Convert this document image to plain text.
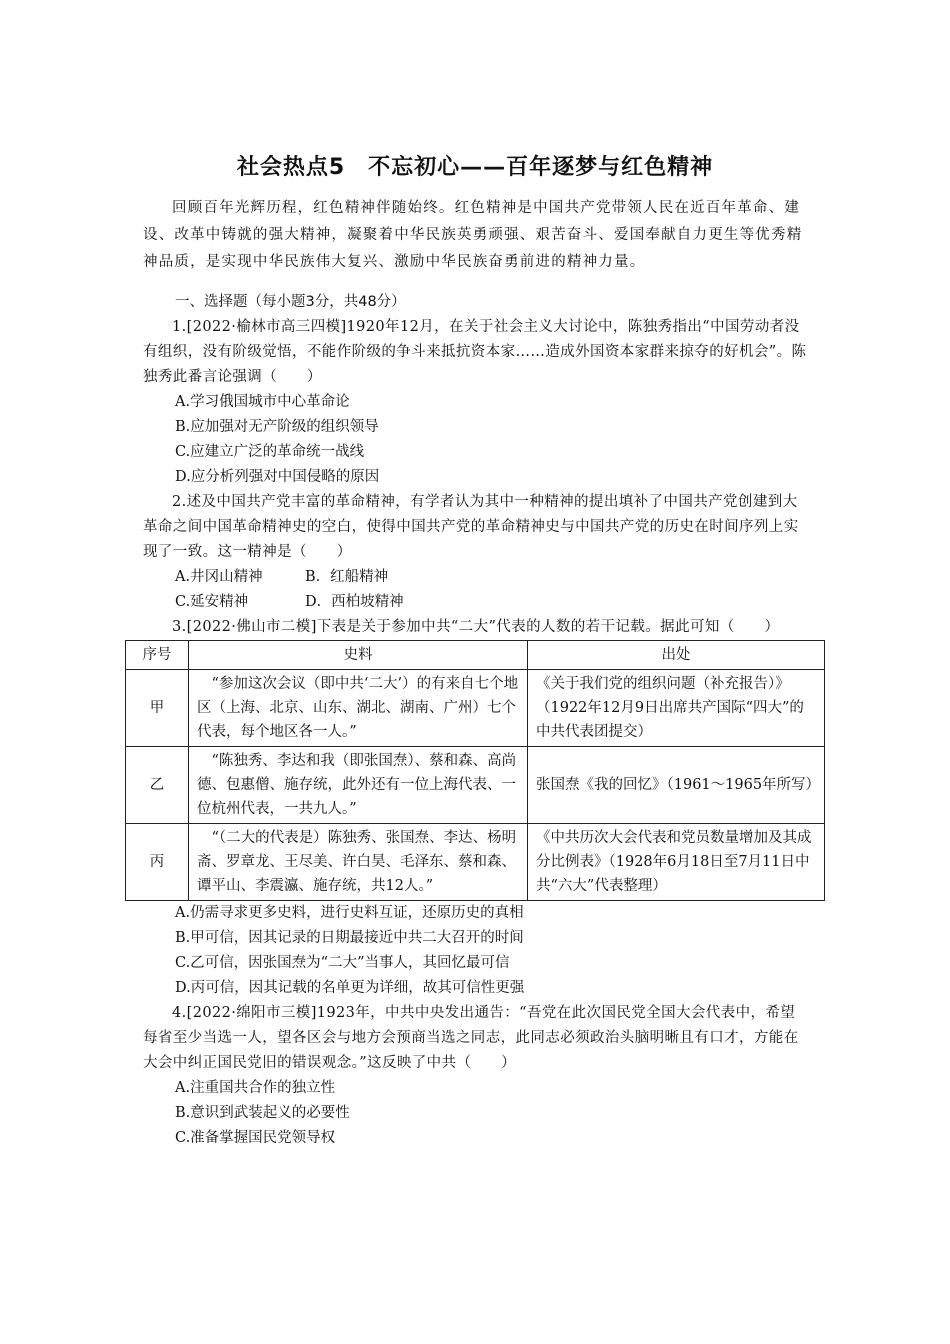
社会热点5　不忘初心——百年逐梦与红色精神

回顾百年光辉历程，红色精神伴随始终。红色精神是中国共产党带领人民在近百年革命、建设、改革中铸就的强大精神，凝聚着中华民族英勇顽强、艰苦奋斗、爱国奉献自力更生等优秀精神品质，是实现中华民族伟大复兴、激励中华民族奋勇前进的精神力量。

一、选择题（每小题3分，共48分）

1.[2022·榆林市高三四模]1920年12月，在关于社会主义大讨论中，陈独秀指出“中国劳动者没有组织，没有阶级觉悟，不能作阶级的争斗来抵抗资本家……造成外国资本家群来掠夺的好机会”。陈独秀此番言论强调（　　）

A.学习俄国城市中心革命论

B.应加强对无产阶级的组织领导

C.应建立广泛的革命统一战线

D.应分析列强对中国侵略的原因

2.述及中国共产党丰富的革命精神，有学者认为其中一种精神的提出填补了中国共产党创建到大革命之间中国革命精神史的空白，使得中国共产党的革命精神史与中国共产党的历史在时间序列上实现了一致。这一精神是（　　）

A.井冈山精神	B．红船精神
C.延安精神	D．西柏坡精神

3.[2022·佛山市二模]下表是关于参加中共“二大”代表的人数的若干记载。据此可知（　　）

序号	史料	出处
甲	“参加这次会议（即中共‘二大’）的有来自七个地区（上海、北京、山东、湖北、湖南、广州）七个代表，每个地区各一人。”	《关于我们党的组织问题（补充报告）》（1922年12月9日出席共产国际“四大”的中共代表团提交）
乙	“陈独秀、李达和我（即张国焘）、蔡和森、高尚德、包惠僧、施存统，此外还有一位上海代表、一位杭州代表，一共九人。”	张国焘《我的回忆》（1961～1965年所写）
丙	“（二大的代表是）陈独秀、张国焘、李达、杨明斋、罗章龙、王尽美、许白昊、毛泽东、蔡和森、谭平山、李震瀛、施存统，共12人。”	《中共历次大会代表和党员数量增加及其成分比例表》（1928年6月18日至7月11日中共“六大”代表整理）

A.仍需寻求更多史料，进行史料互证，还原历史的真相

B.甲可信，因其记录的日期最接近中共二大召开的时间

C.乙可信，因张国焘为“二大”当事人，其回忆最可信

D.丙可信，因其记载的名单更为详细，故其可信性更强

4.[2022·绵阳市三模]1923年，中共中央发出通告：“吾党在此次国民党全国大会代表中，希望每省至少当选一人，望各区会与地方会预商当选之同志，此同志必须政治头脑明晰且有口才，方能在大会中纠正国民党旧的错误观念。”这反映了中共（　　）

A.注重国共合作的独立性

B.意识到武装起义的必要性

C.准备掌握国民党领导权
